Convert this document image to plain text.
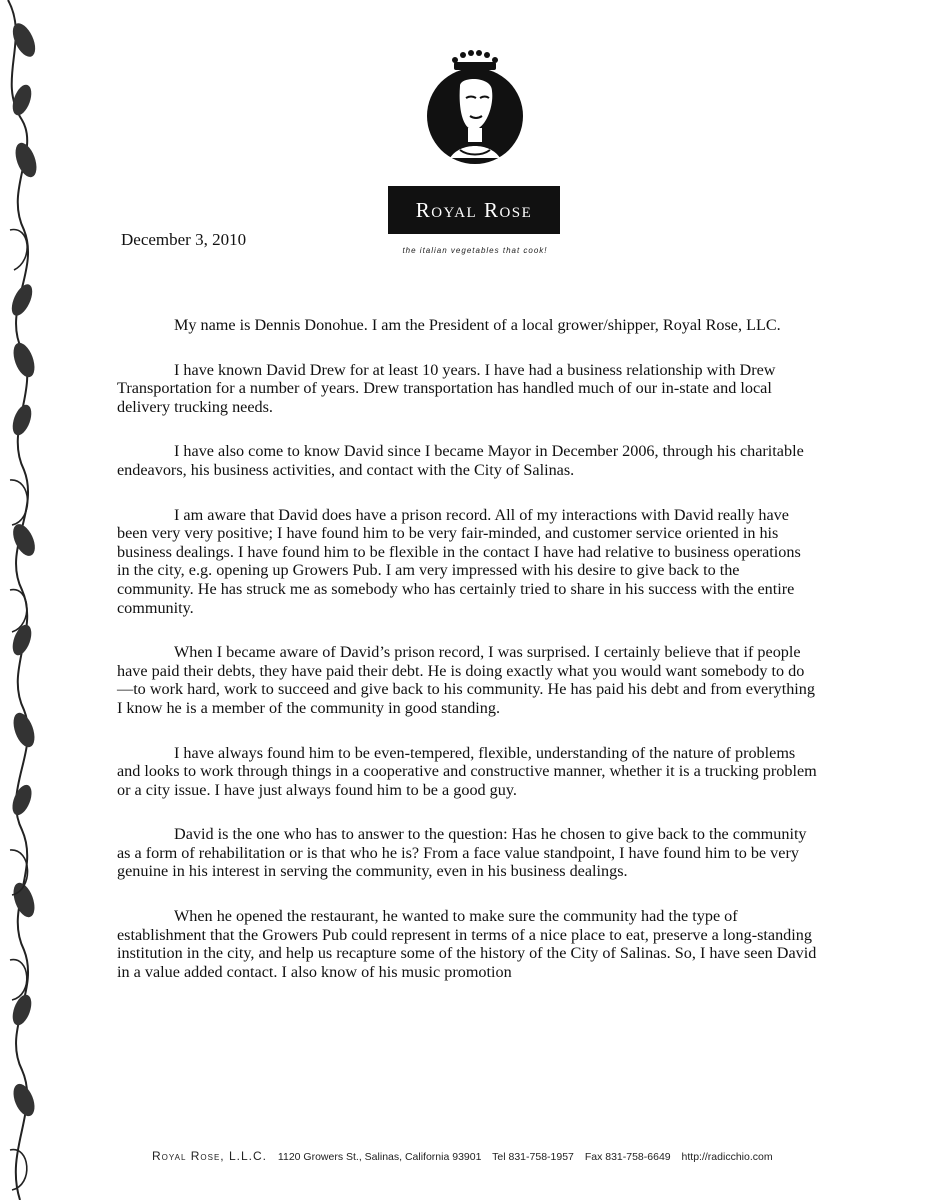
Royal Rose
the italian vegetables that cook!
December 3, 2010

My name is Dennis Donohue. I am the President of a local grower/shipper, Royal Rose, LLC.

I have known David Drew for at least 10 years. I have had a business relationship with Drew Transportation for a number of years. Drew transportation has handled much of our in-state and local delivery trucking needs.

I have also come to know David since I became Mayor in December 2006, through his charitable endeavors, his business activities, and contact with the City of Salinas.

I am aware that David does have a prison record. All of my interactions with David really have been very very positive; I have found him to be very fair-minded, and customer service oriented in his business dealings. I have found him to be flexible in the contact I have had relative to business operations in the city, e.g. opening up Growers Pub. I am very impressed with his desire to give back to the community. He has struck me as somebody who has certainly tried to share in his success with the entire community.

When I became aware of David’s prison record, I was surprised. I certainly believe that if people have paid their debts, they have paid their debt. He is doing exactly what you would want somebody to do—to work hard, work to succeed and give back to his community. He has paid his debt and from everything I know he is a member of the community in good standing.

I have always found him to be even-tempered, flexible, understanding of the nature of problems and looks to work through things in a cooperative and constructive manner, whether it is a trucking problem or a city issue. I have just always found him to be a good guy.

David is the one who has to answer to the question: Has he chosen to give back to the community as a form of rehabilitation or is that who he is? From a face value standpoint, I have found him to be very genuine in his interest in serving the community, even in his business dealings.

When he opened the restaurant, he wanted to make sure the community had the type of establishment that the Growers Pub could represent in terms of a nice place to eat, preserve a long-standing institution in the city, and help us recapture some of the history of the City of Salinas. So, I have seen David in a value added contact. I also know of his music promotion

Royal Rose, L.L.C. 1120 Growers St., Salinas, California 93901 Tel 831-758-1957 Fax 831-758-6649 http://radicchio.com
